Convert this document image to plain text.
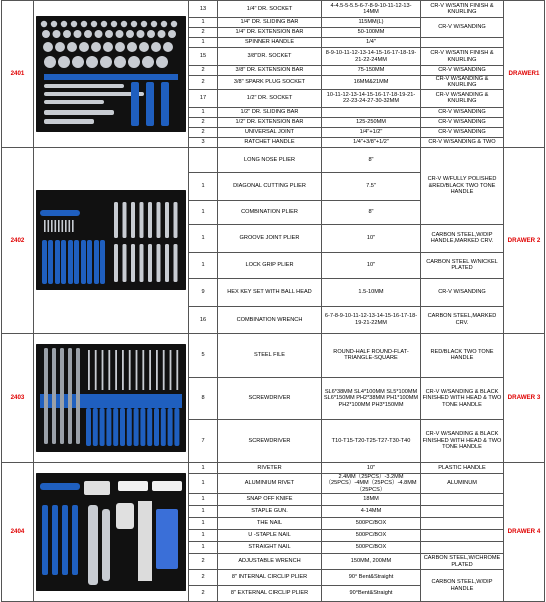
2401		13	1/4" DR. SOCKET	4-4.5-5-5.5-6-7-8-9-10-11-12-13-14MM	CR-V W/SATIN FINISH & KNURLING	DRAWER1
		1	1/4" DR. SLIDING BAR	115MM(L)	CR-V W/SANDING	
		2	1/4" DR. EXTENSION BAR	50-100MM		
		1	SPINNER HANDLE	1/4"		
		15	3/8"DR. SOCKET	8-9-10-11-12-13-14-15-16-17-18-19-21-22-24MM	CR-V W/SATIN FINISH & KNURLING	
		2	3/8" DR. EXTENSION BAR	75-150MM	CR-V W/SANDING	
		2	3/8" SPARK PLUG SOCKET	16MM&21MM	CR-V W/SANDING & KNURLING	
		17	1/2" DR. SOCKET	10-11-12-13-14-15-16-17-18-19-21-22-23-24-27-30-32MM	CR-V W/SANDING & KNURLING	
		1	1/2" DR. SLIDING BAR		CR-V W/SANDING	
		2	1/2" DR. EXTENSION BAR	125-250MM	CR-V W/SANDING	
		2	UNIVERSAL JOINT	1/4"+1/2"	CR-V W/SANDING	
		3	RATCHET HANDLE	1/4"+3/8"+1/2"	CR-V W/SANDING & TWO	
2402			LONG NOSE PLIER	8"	CR-V W/FULLY POLISHED &RED/BLACK TWO TONE HANDLE	DRAWER 2
		1	DIAGONAL CUTTING PLIER	7.5"		
		1	COMBINATION PLIER	8"		
		1	GROOVE JOINT PLIER	10"	CARBON STEEL,W/DIP HANDLE,MARKED CRV.	
		1	LOCK GRIP PLIER	10"	CARBON STEEL W/NICKEL PLATED	
		9	HEX KEY SET WITH BALL HEAD	1.5-10MM	CR-V W/SANDING	
		16	COMBINATION WRENCH	6-7-8-9-10-11-12-13-14-15-16-17-18-19-21-22MM	CARBON STEEL,MARKED CRV.	
2403		5	STEEL FILE	ROUND-HALF ROUND-FLAT-TRIANGLE-SQUARE	RED/BLACK TWO TONE HANDLE	DRAWER 3
		8	SCREWDRIVER	SL6*38MM SL4*100MM SL5*100MM SL6*150MM PH2*38MM PH1*100MM PH2*100MM PH3*150MM	CR-V W/SANDING & BLACK FINISHED WITH HEAD & TWO TONE HANDLE	
		7	SCREWDRIVER	T10-T15-T20-T25-T27-T30-T40	CR-V W/SANDING & BLACK FINISHED WITH HEAD & TWO TONE HANDLE	
2404		1	RIVETER	10"	PLASTIC HANDLE	DRAWER 4
		1	ALUMINIUM RIVET	2.4MM（25PCS）-3.2MM（25PCS）-4MM（25PCS）-4.8MM（25PCS）	ALUMINUM	
		1	SNAP OFF KNIFE	18MM		
		1	STAPLE GUN.	4-14MM		
		1	THE NAIL	500PC/BOX		
		1	U -STAPLE NAIL	500PC/BOX		
		1	STRAIGHT NAIL	500PC/BOX		
		2	ADJUSTABLE WRENCH	150MM, 200MM	CARBON STEEL,W/CHROME PLATED	
		2	8" INTERNAL CIRCLIP PLIER	90° Bent&Straight	CARBON STEEL,W/DIP HANDLE	
		2	8" EXTERNAL CIRCLIP PLIER	90°Bent&Straight		
